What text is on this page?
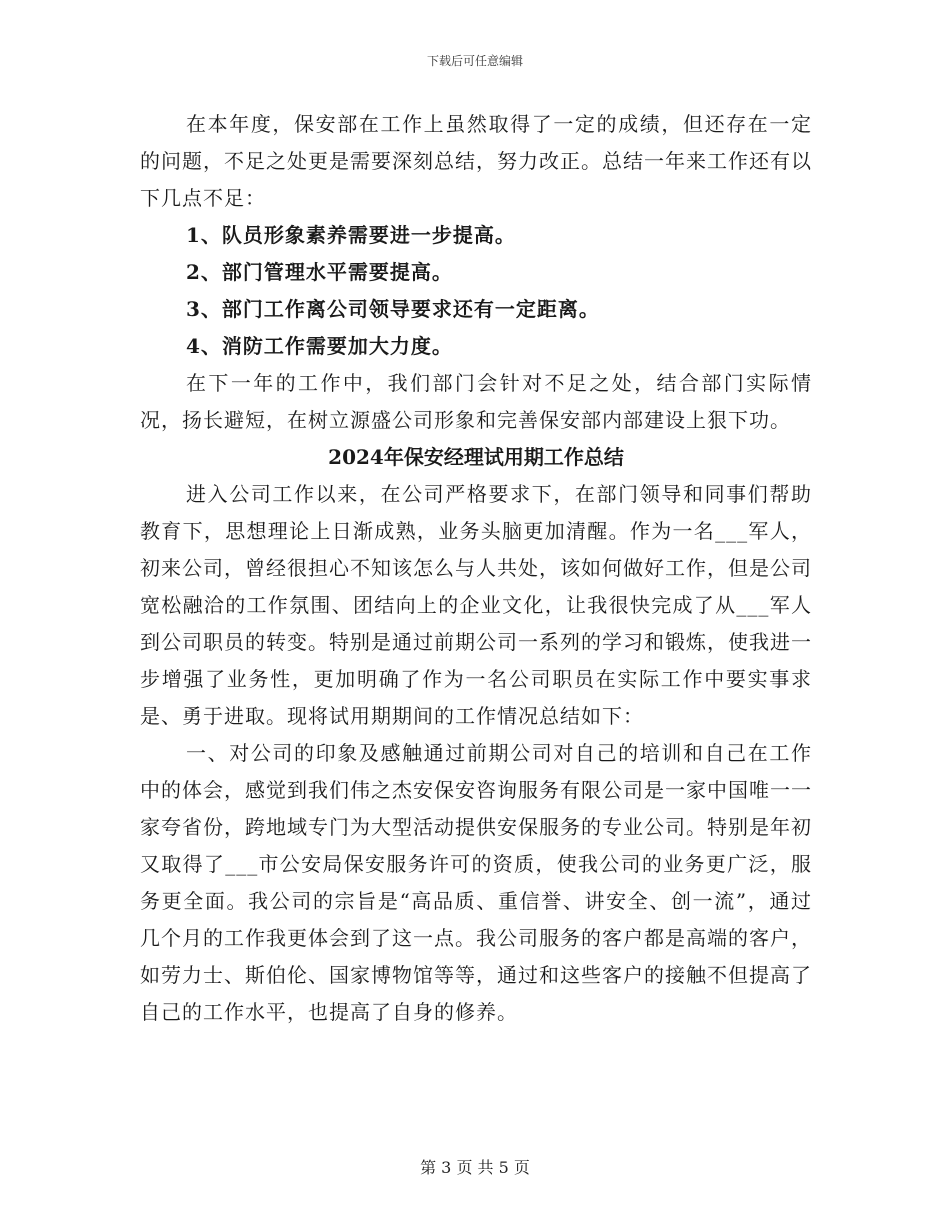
下载后可任意编辑

在本年度，保安部在工作上虽然取得了一定的成绩，但还存在一定的问题，不足之处更是需要深刻总结，努力改正。总结一年来工作还有以下几点不足：

1、队员形象素养需要进一步提高。

2、部门管理水平需要提高。

3、部门工作离公司领导要求还有一定距离。

4、消防工作需要加大力度。

在下一年的工作中，我们部门会针对不足之处，结合部门实际情况，扬长避短，在树立源盛公司形象和完善保安部内部建设上狠下功。

2024年保安经理试用期工作总结

进入公司工作以来，在公司严格要求下，在部门领导和同事们帮助教育下，思想理论上日渐成熟，业务头脑更加清醒。作为一名___军人，初来公司，曾经很担心不知该怎么与人共处，该如何做好工作，但是公司宽松融洽的工作氛围、团结向上的企业文化，让我很快完成了从___军人到公司职员的转变。特别是通过前期公司一系列的学习和锻炼，使我进一步增强了业务性，更加明确了作为一名公司职员在实际工作中要实事求是、勇于进取。现将试用期期间的工作情况总结如下：

一、对公司的印象及感触通过前期公司对自己的培训和自己在工作中的体会，感觉到我们伟之杰安保安咨询服务有限公司是一家中国唯一一家夸省份，跨地域专门为大型活动提供安保服务的专业公司。特别是年初又取得了___市公安局保安服务许可的资质，使我公司的业务更广泛，服务更全面。我公司的宗旨是“高品质、重信誉、讲安全、创一流”，通过几个月的工作我更体会到了这一点。我公司服务的客户都是高端的客户，如劳力士、斯伯伦、国家博物馆等等，通过和这些客户的接触不但提高了自己的工作水平，也提高了自身的修养。

第 3 页 共 5 页
